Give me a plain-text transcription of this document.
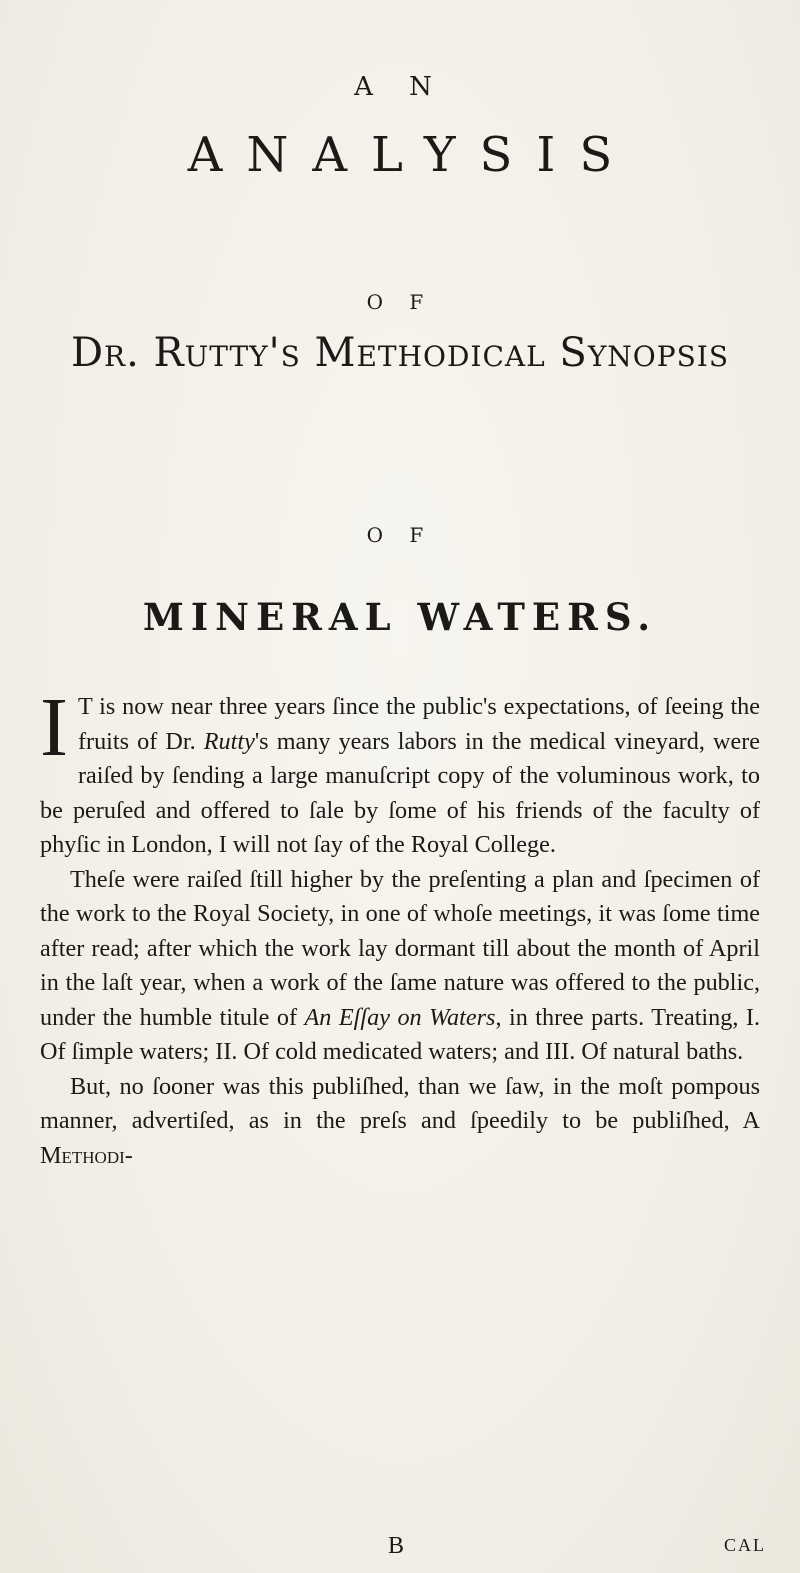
A N
ANALYSIS
O F
Dr. Rutty's Methodical Synopsis
O F
MINERAL WATERS.

I T is now near three years ſince the public's expectations, of ſeeing the fruits of Dr. Rutty's many years labors in the medical vineyard, were raiſed by ſending a large manuſcript copy of the voluminous work, to be peruſed and offered to ſale by ſome of his friends of the faculty of phyſic in London, I will not ſay of the Royal College.

Theſe were raiſed ſtill higher by the preſenting a plan and ſpecimen of the work to the Royal Society, in one of whoſe meetings, it was ſome time after read; after which the work lay dormant till about the month of April in the laſt year, when a work of the ſame nature was offered to the public, under the humble titule of An Eſſay on Waters, in three parts. Treating, I. Of ſimple waters; II. Of cold medicated waters; and III. Of natural baths.

But, no ſooner was this publiſhed, than we ſaw, in the moſt pompous manner, advertiſed, as in the preſs and ſpeedily to be publiſhed, A Methodi-

B	CAL
